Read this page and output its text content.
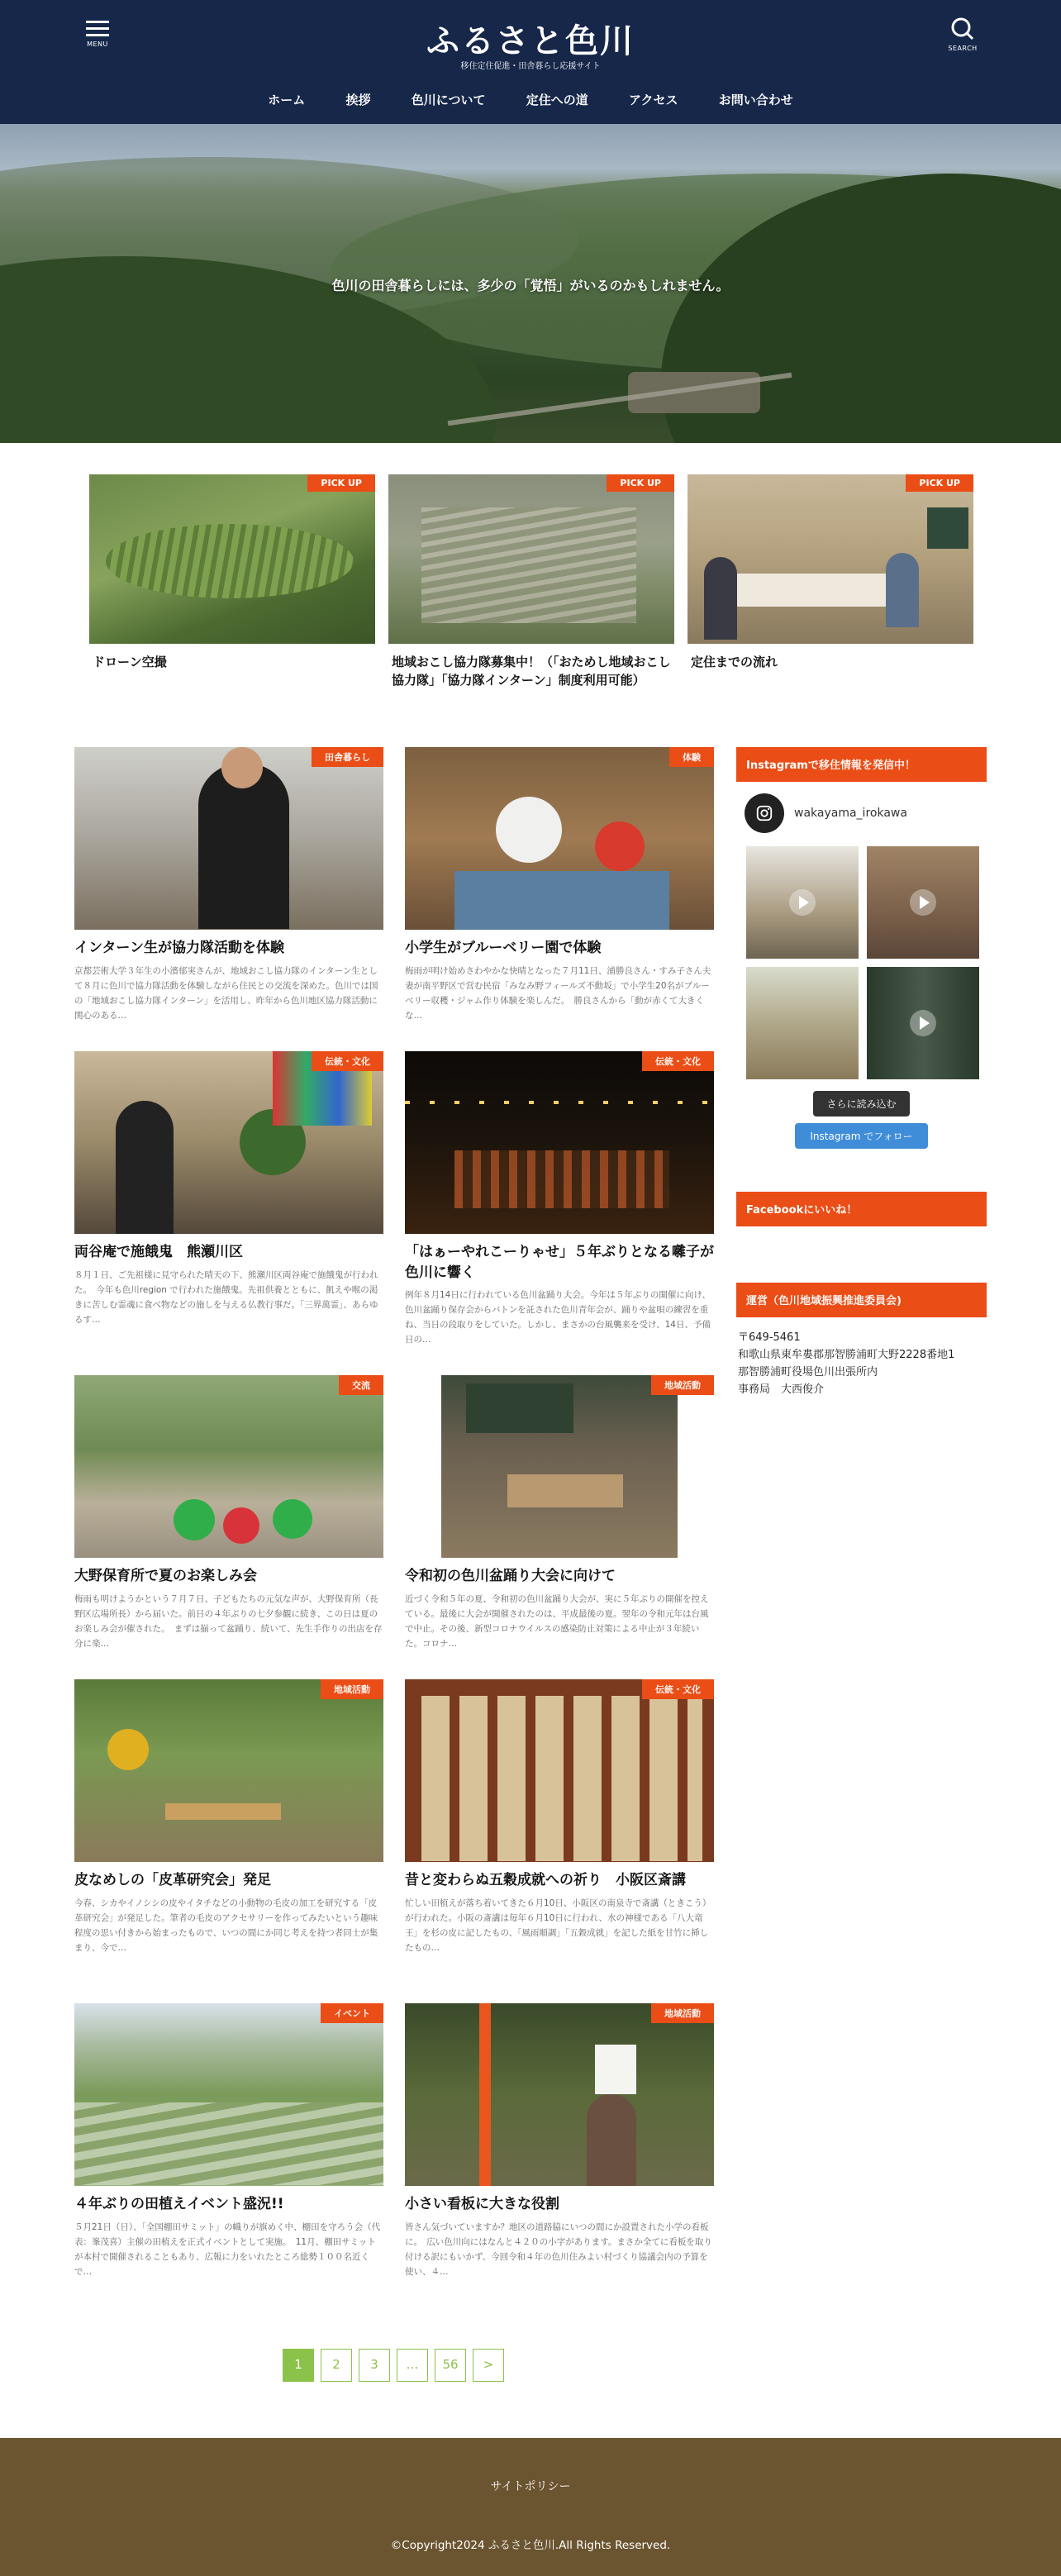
MENU	ふるさと色川
移住定住促進・田舎暮らし応援サイト
SEARCH
ホーム	挨拶	色川について	定住への道	アクセス	お問い合わせ
色川の田舎暮らしには、多少の「覚悟」がいるのかもしれません。
PICK UP
ドローン空撮
PICK UP
地域おこし協力隊募集中！（「おためし地域おこし協力隊」「協力隊インターン」制度利用可能）
PICK UP
定住までの流れ
田舎暮らし
インターン生が協力隊活動を体験
京都芸術大学３年生の小濱郁実さんが、地域おこし協力隊のインターン生として８月に色川で協力隊活動を体験しながら住民との交流を深めた。色川では国の「地域おこし協力隊インターン」を活用し、昨年から色川地区協力隊活動に関心のある…
体験
小学生がブルーベリー園で体験
梅雨が明け始めさわやかな快晴となった７月11日、浦勝良さん・すみ子さん夫妻が南平野区で営む民宿「みなみ野フィールズ不動坂」で小学生20名がブルーベリー収穫・ジャム作り体験を楽しんだ。　勝良さんから「動が赤くて大きくな…
伝統・文化
両谷庵で施餓鬼　熊瀬川区
８月１日、ご先祖様に見守られた晴天の下、熊瀬川区両谷庵で施餓鬼が行われた。　今年も色川region で行われた施餓鬼。先祖供養とともに、飢えや喉の渇きに苦しむ霊魂に食べ物などの施しを与える仏教行事だ。「三界萬霊」、あらゆるす…
伝統・文化
「はぁーやれこーりゃせ」５年ぶりとなる囃子が色川に響く
例年８月14日に行われている色川盆踊り大会。今年は５年ぶりの開催に向け、色川盆踊り保存会からバトンを託された色川青年会が、踊りや盆唄の練習を重ね、当日の段取りをしていた。しかし、まさかの台風襲来を受け、14日、予備日の…
交流
大野保育所で夏のお楽しみ会
梅雨も明けようかという７月７日、子どもたちの元気な声が、大野保育所（長野区広場所長）から届いた。前日の４年ぶりの七夕参観に続き、この日は夏のお楽しみ会が催された。　まずは揃って盆踊り、続いて、先生手作りの出店を存分に楽…
地域活動
令和初の色川盆踊り大会に向けて
近づく令和５年の夏、令和初の色川盆踊り大会が、実に５年ぶりの開催を控えている。最後に大会が開催されたのは、平成最後の夏。翌年の令和元年は台風で中止。その後、新型コロナウイルスの感染防止対策による中止が３年続いた。コロナ…
地域活動
皮なめしの「皮革研究会」発足
今春、シカやイノシシの皮やイタチなどの小動物の毛皮の加工を研究する「皮革研究会」が発足した。筆者の毛皮のアクセサリーを作ってみたいという趣味程度の思い付きから始まったもので、いつの間にか同じ考えを持つ者同士が集まり、今で…
伝統・文化
昔と変わらぬ五穀成就への祈り　小阪区斎講
忙しい田植えが落ち着いてきた６月10日、小阪区の南泉寺で斎講（ときこう）が行われた。小阪の斎講は毎年６月10日に行われ、水の神様である「八大竜王」を杉の皮に記したもの、「風雨順調」「五穀成就」を記した紙を甘竹に挿したもの…
イベント
４年ぶりの田植えイベント盛況!!
５月21日（日）、「全国棚田サミット」の幟りが旗めく中、棚田を守ろう会（代表：峯茂喜）主催の田植えを正式イベントとして実施。　11月、棚田サミットが本村で開催されることもあり、広報に力をいれたところ総勢１００名近くで…
地域活動
小さい看板に大きな役割
皆さん気づいていますか？地区の道路脇にいつの間にか設置された小学の看板に。　広い色川向にはなんと４２０の小字があります。まさか全てに看板を取り付ける訳にもいかず、今回令和４年の色川住みよい村づくり協議会内の予算を使い、４…
Instagramで移住情報を発信中！
wakayama_irokawa
さらに読み込む
Instagram でフォロー
Facebookにいいね！
運営（色川地域振興推進委員会)
〒649-5461
和歌山県東牟婁郡那智勝浦町大野2228番地1
那智勝浦町役場色川出張所内
事務局　大西俊介
1	2	3	…	56	>
サイトポリシー
©Copyright2024 ふるさと色川.All Rights Reserved.
